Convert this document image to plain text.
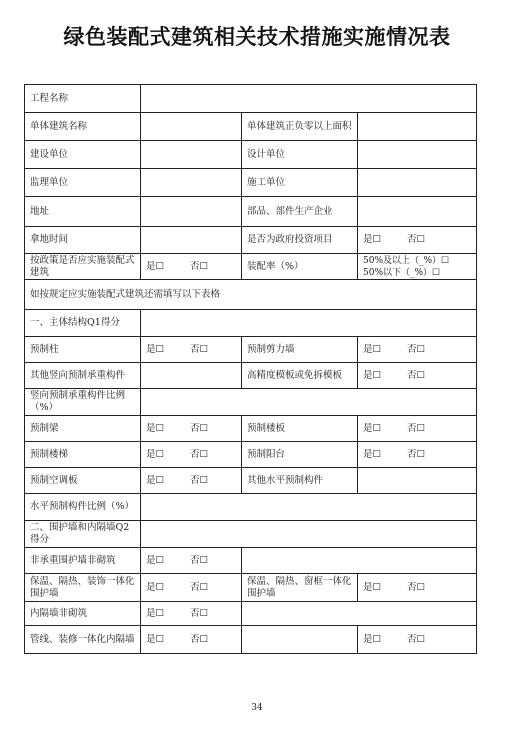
绿色装配式建筑相关技术措施实施情况表
工程名称			
单体建筑名称		单体建筑正负零以上面积	
建设单位		设计单位	
监理单位		施工单位	
地址		部品、部件生产企业	
拿地时间		是否为政府投资项目	是☐ 否☐
按政策是否应实施装配式建筑	是☐ 否☐	装配率（%）	50%及以上（_%）☐
50%以下（_%）☐

如按规定应实施装配式建筑还需填写以下表格			
一、主体结构Q1得分			
预制柱	是☐ 否☐	预制剪力墙	是☐ 否☐
其他竖向预制承重构件		高精度模板或免拆模板	是☐ 否☐
竖向预制承重构件比例（%）			
预制梁	是☐ 否☐	预制楼板	是☐ 否☐
预制楼梯	是☐ 否☐	预制阳台	是☐ 否☐
预制空调板	是☐ 否☐	其他水平预制构件	
水平预制构件比例（%）			
二、围护墙和内隔墙Q2得分			
非承重围护墙非砌筑	是☐ 否☐		
保温、隔热、装饰一体化围护墙	是☐ 否☐	保温、隔热、窗框一体化围护墙	是☐ 否☐
内隔墙非砌筑	是☐ 否☐		
管线、装修一体化内隔墙	是☐ 否☐		是☐ 否☐
34
